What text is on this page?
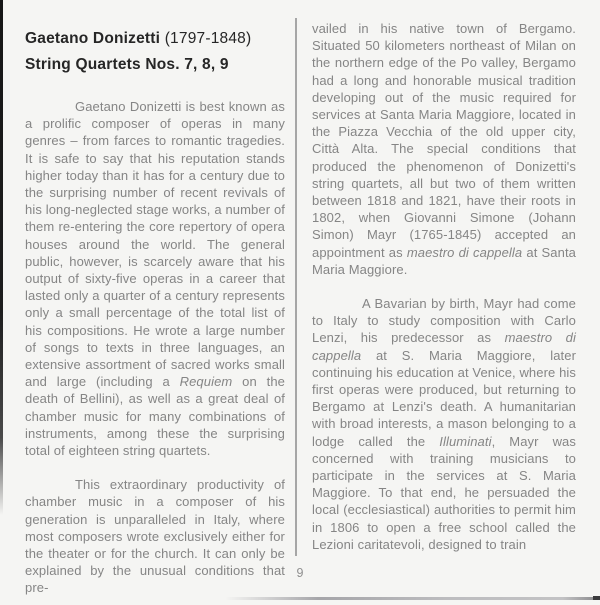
Gaetano Donizetti (1797-1848)
String Quartets Nos. 7, 8, 9

Gaetano Donizetti is best known as a prolific composer of operas in many genres – from farces to romantic tragedies. It is safe to say that his reputation stands higher today than it has for a century due to the surprising number of recent revivals of his long-neglected stage works, a number of them re-entering the core repertory of opera houses around the world. The general public, however, is scarcely aware that his output of sixty-five operas in a career that lasted only a quarter of a century represents only a small percentage of the total list of his compositions. He wrote a large number of songs to texts in three languages, an extensive assortment of sacred works small and large (including a Requiem on the death of Bellini), as well as a great deal of chamber music for many combinations of instruments, among these the surprising total of eighteen string quartets.

This extraordinary productivity of chamber music in a composer of his generation is unparalleled in Italy, where most composers wrote exclusively either for the theater or for the church. It can only be explained by the unusual conditions that pre-

vailed in his native town of Bergamo. Situated 50 kilometers northeast of Milan on the northern edge of the Po valley, Bergamo had a long and honorable musical tradition developing out of the music required for services at Santa Maria Maggiore, located in the Piazza Vecchia of the old upper city, Città Alta. The special conditions that produced the phenomenon of Donizetti's string quartets, all but two of them written between 1818 and 1821, have their roots in 1802, when Giovanni Simone (Johann Simon) Mayr (1765-1845) accepted an appointment as maestro di cappella at Santa Maria Maggiore.

A Bavarian by birth, Mayr had come to Italy to study composition with Carlo Lenzi, his predecessor as maestro di cappella at S. Maria Maggiore, later continuing his education at Venice, where his first operas were produced, but returning to Bergamo at Lenzi's death. A humanitarian with broad interests, a mason belonging to a lodge called the Illuminati, Mayr was concerned with training musicians to participate in the services at S. Maria Maggiore. To that end, he persuaded the local (ecclesiastical) authorities to permit him in 1806 to open a free school called the Lezioni caritatevoli, designed to train

9
